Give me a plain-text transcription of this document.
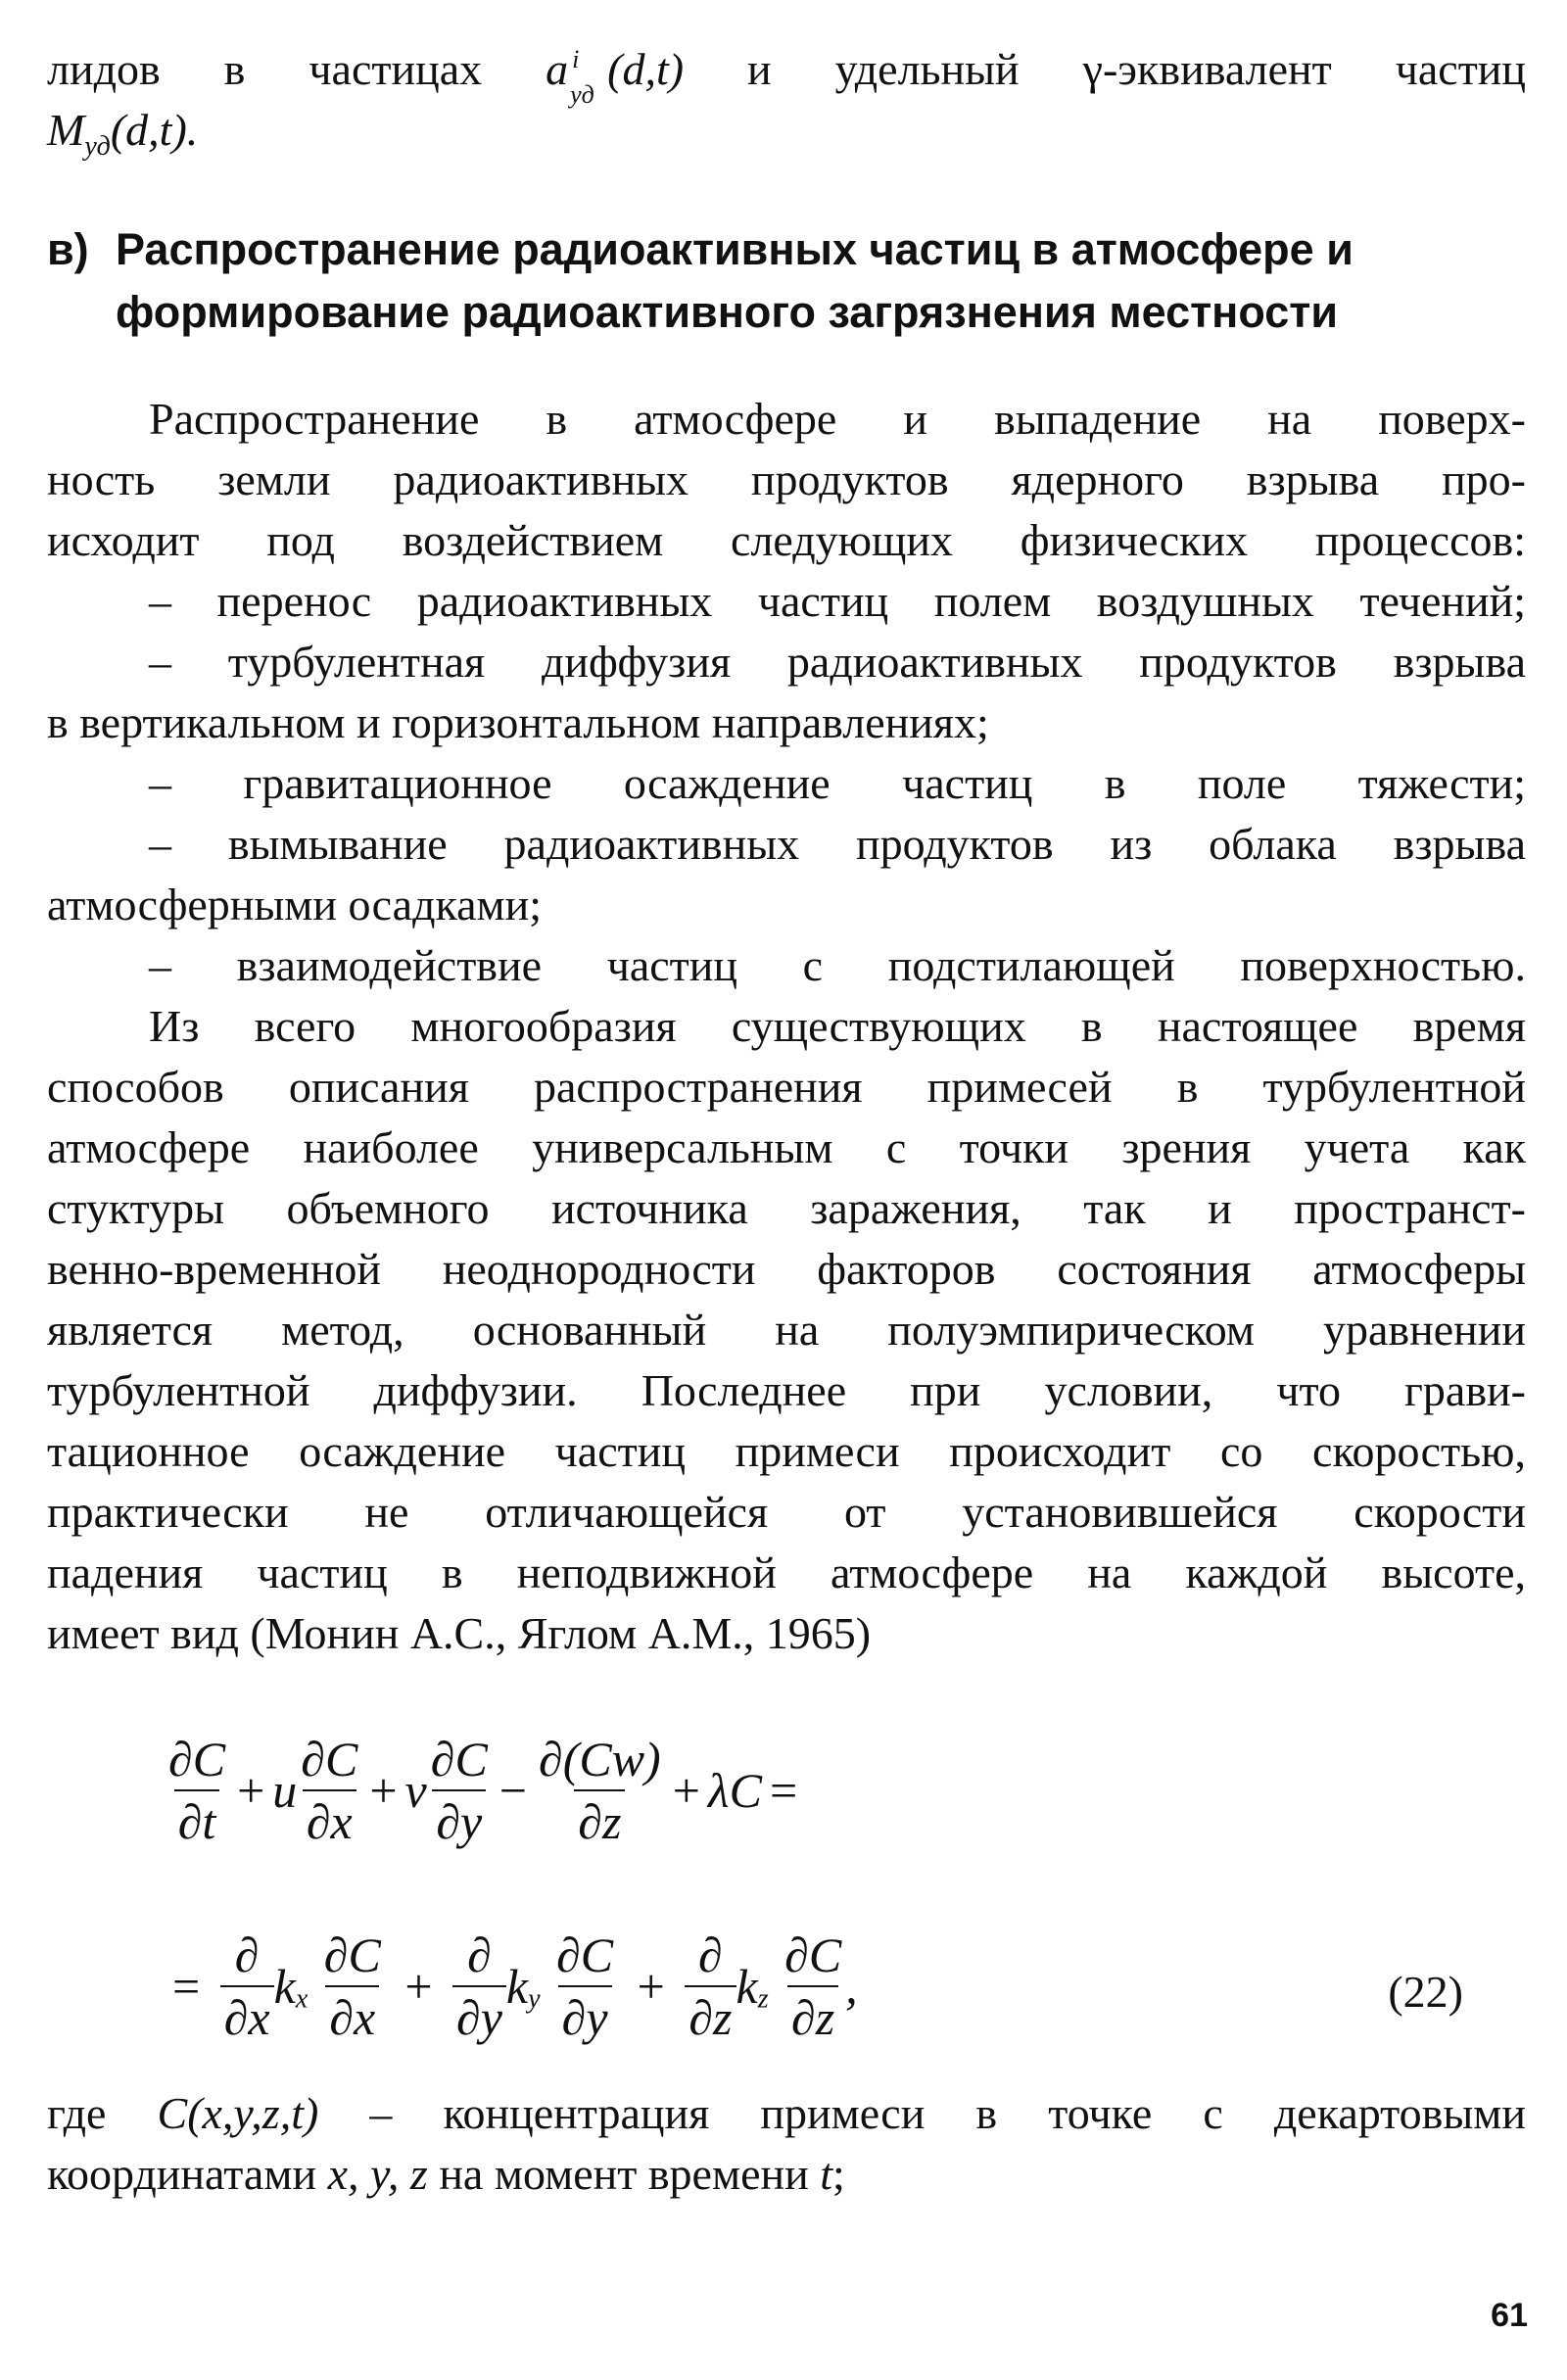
лидов в частицах a i
уд
(d,t) и удельный γ-эквивалент частиц
$M_{уд}(d,t)$.
в) Распространение радиоактивных частиц в атмосфере и формирование радиоактивного загрязнения местности
Распространение в атмосфере и выпадение на поверх-
ность земли радиоактивных продуктов ядерного взрыва про-
исходит под воздействием следующих физических процессов:
– перенос радиоактивных частиц полем воздушных течений;
– турбулентная диффузия радиоактивных продуктов взрыва
в вертикальном и горизонтальном направлениях;
– гравитационное осаждение частиц в поле тяжести;
– вымывание радиоактивных продуктов из облака взрыва
атмосферными осадками;
– взаимодействие частиц с подстилающей поверхностью.
Из всего многообразия существующих в настоящее время
способов описания распространения примесей в турбулентной
атмосфере наиболее универсальным с точки зрения учета как
стуктуры объемного источника заражения, так и пространст-
венно-временной неоднородности факторов состояния атмосферы
является метод, основанный на полуэмпирическом уравнении
турбулентной диффузии. Последнее при условии, что грави-
тационное осаждение частиц примеси происходит со скоростью,
практически не отличающейся от установившейся скорости
падения частиц в неподвижной атмосфере на каждой высоте,
имеет вид (Монин А.С., Яглом А.М., 1965)
$\frac{\partial C}{\partial t} + u \frac{\partial C}{\partial x} + v \frac{\partial C}{\partial y} - \frac{\partial(Cw)}{\partial z} + \lambda C$ =
= $\frac{\partial}{\partial x} k_x \frac{\partial C}{\partial x} + \frac{\partial}{\partial y} k_y \frac{\partial C}{\partial y} + \frac{\partial}{\partial z} k_z \frac{\partial C}{\partial z}$ ,	(22)
где C(x,y,z,t) – концентрация примеси в точке с декартовыми
координатами x, y, z на момент времени t;
61
